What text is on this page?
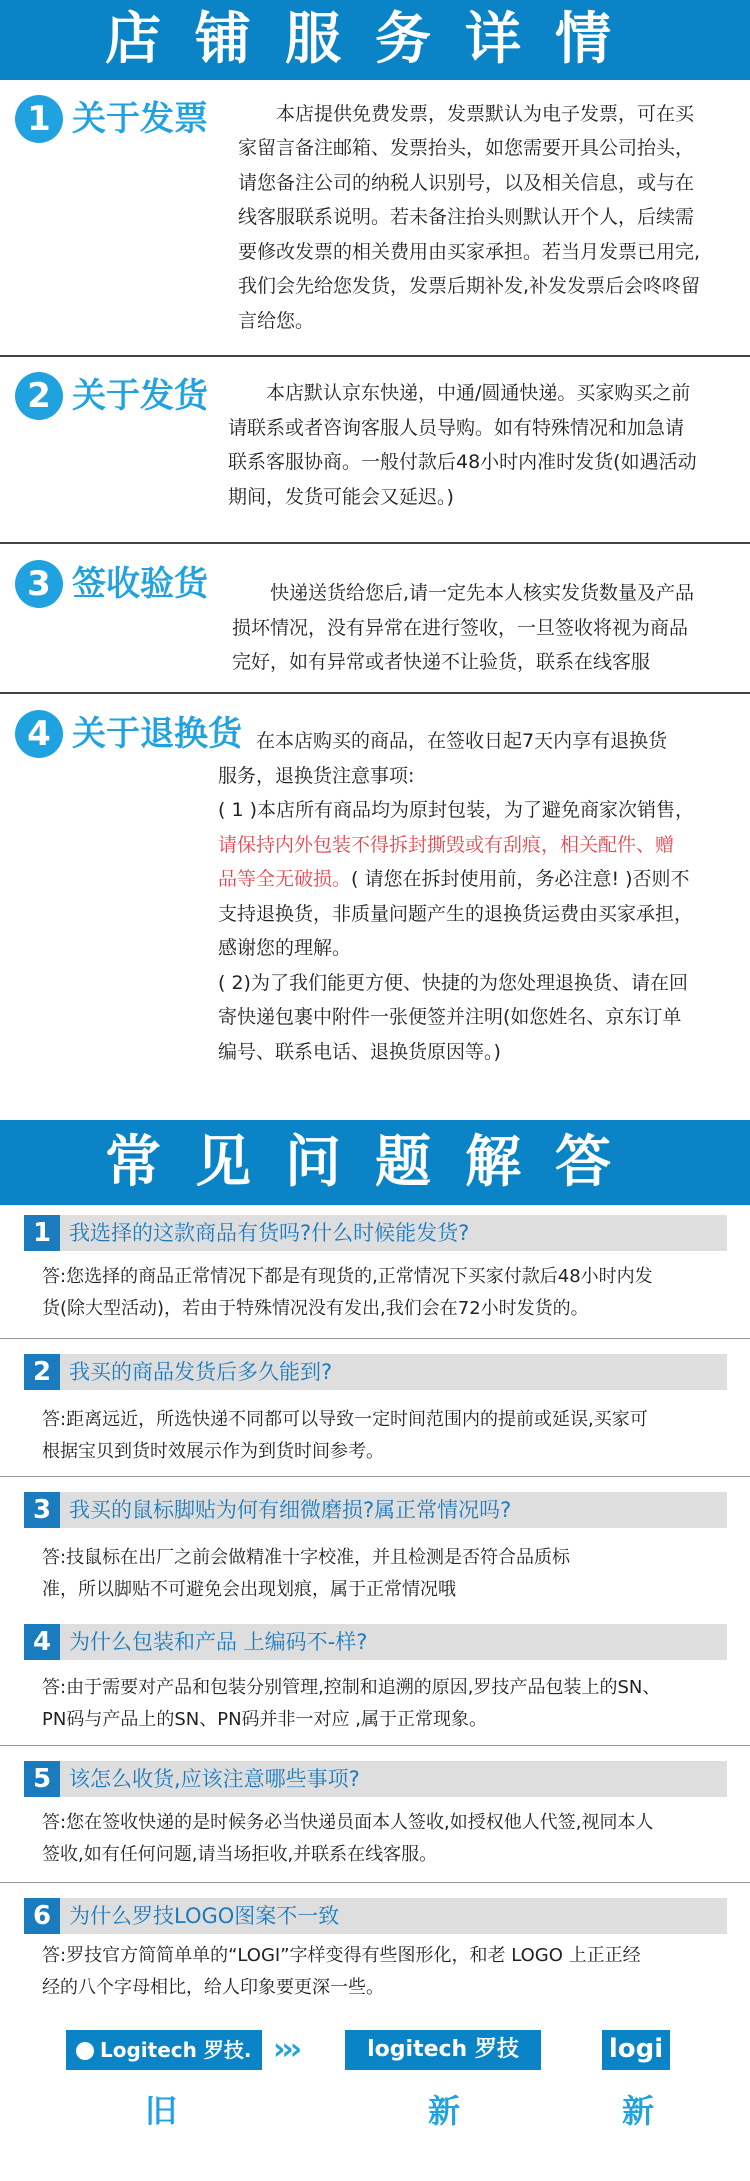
店铺服务详情
1 关于发票 　　本店提供免费发票，发票默认为电子发票，可在买

家留言备注邮箱、发票抬头，如您需要开具公司抬头，

请您备注公司的纳税人识别号，以及相关信息，或与在

线客服联系说明。若未备注抬头则默认开个人，后续需

要修改发票的相关费用由买家承担。若当月发票已用完,

我们会先给您发货，发票后期补发,补发发票后会咚咚留

言给您。

2 关于发货 　　本店默认京东快递，中通/圆通快递。买家购买之前

请联系或者咨询客服人员导购。如有特殊情况和加急请

联系客服协商。一般付款后48小时内准时发货(如遇活动

期间，发货可能会又延迟。)

3 签收验货 　　快递送货给您后,请一定先本人核实发货数量及产品

损坏情况，没有异常在进行签收，一旦签收将视为商品

完好，如有异常或者快递不让验货，联系在线客服

4 关于退换货

　　在本店购买的商品，在签收日起7天内享有退换货

服务，退换货注意事项:

( 1 )本店所有商品均为原封包装，为了避免商家次销售，

请保持内外包装不得拆封撕毁或有刮痕，相关配件、赠

品等全无破损。( 请您在拆封使用前，务必注意! )否则不

支持退换货，非质量问题产生的退换货运费由买家承担，

感谢您的理解。

( 2)为了我们能更方便、快捷的为您处理退换货、请在回

寄快递包裹中附件一张便签并注明(如您姓名、京东订单

编号、联系电话、退换货原因等。)

常见问题解答
1 我选择的这款商品有货吗?什么时候能发货?

答:您选择的商品正常情况下都是有现货的,正常情况下买家付款后48小时内发

货(除大型活动)，若由于特殊情况没有发出,我们会在72小时发货的。

2 我买的商品发货后多久能到?

答:距离远近，所选快递不同都可以导致一定时间范围内的提前或延误,买家可

根据宝贝到货时效展示作为到货时间参考。

3 我买的鼠标脚贴为何有细微磨损?属正常情况吗?

答:技鼠标在出厂之前会做精准十字校准，并且检测是否符合品质标

准，所以脚贴不可避免会出现划痕，属于正常情况哦

4 为什么包装和产品 上编码不-样?

答:由于需要对产品和包装分别管理,控制和追溯的原因,罗技产品包装上的SN、

PN码与产品上的SN、PN码并非一对应 ,属于正常现象。

5 该怎么收货,应该注意哪些事项?

答:您在签收快递的是时候务必当快递员面本人签收,如授权他人代签,视同本人

签收,如有任何问题,请当场拒收,并联系在线客服。

6 为什么罗技LOGO图案不一致

答:罗技官方简简单单的“LOGI”字样变得有些图形化，和老 LOGO 上正正经

经的八个字母相比，给人印象要更深一些。

Logitech 罗技. ›››	logitech 罗技	logi
旧	新	新
